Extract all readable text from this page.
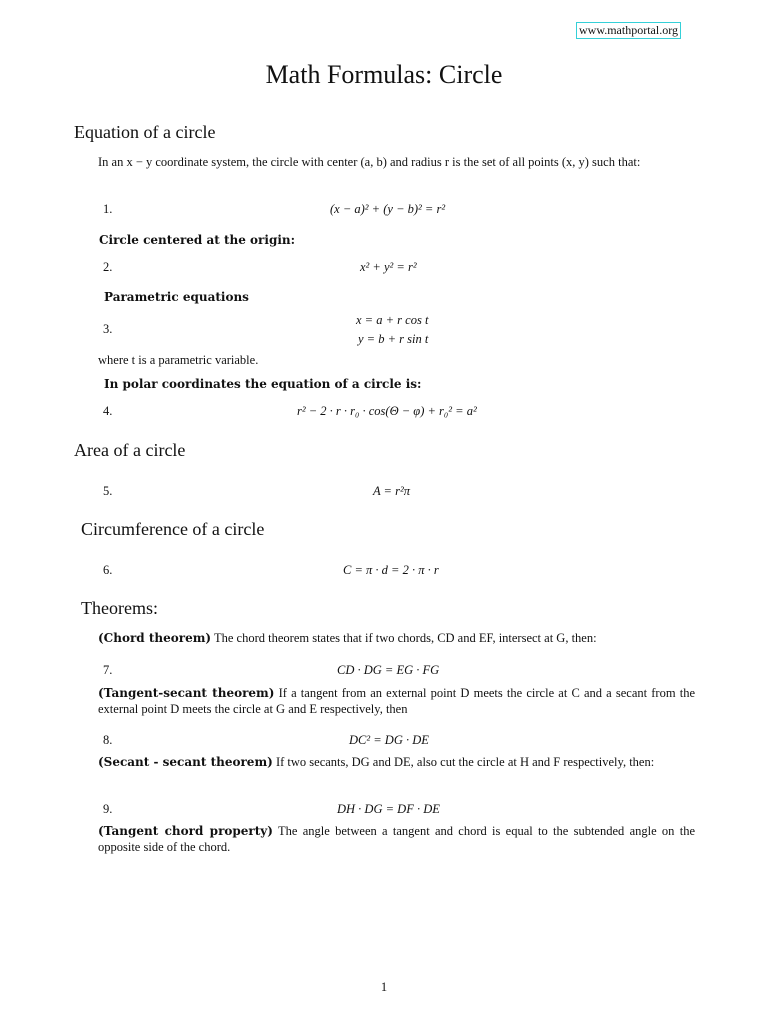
www.mathportal.org
Math Formulas: Circle
Equation of a circle
In an x − y coordinate system, the circle with center (a, b) and radius r is the set of all points (x, y) such that:
1.	(x − a)² + (y − b)² = r²
Circle centered at the origin:
2.	x² + y² = r²
Parametric equations
3.
x = a + r cos t
y = b + r sin t
where t is a parametric variable.
In polar coordinates the equation of a circle is:
4.	r² − 2 · r · r₀ · cos(Θ − φ) + r₀² = a²
Area of a circle
5.	A = r²π
Circumference of a circle
6.	C = π · d = 2 · π · r
Theorems:
(Chord theorem) The chord theorem states that if two chords, CD and EF, intersect at G, then:
7.	CD · DG = EG · FG
(Tangent-secant theorem) If a tangent from an external point D meets the circle at C and a secant from the external point D meets the circle at G and E respectively, then
8.	DC² = DG · DE
(Secant - secant theorem) If two secants, DG and DE, also cut the circle at H and F respectively, then:
9.	DH · DG = DF · DE
(Tangent chord property) The angle between a tangent and chord is equal to the subtended angle on the opposite side of the chord.
1
